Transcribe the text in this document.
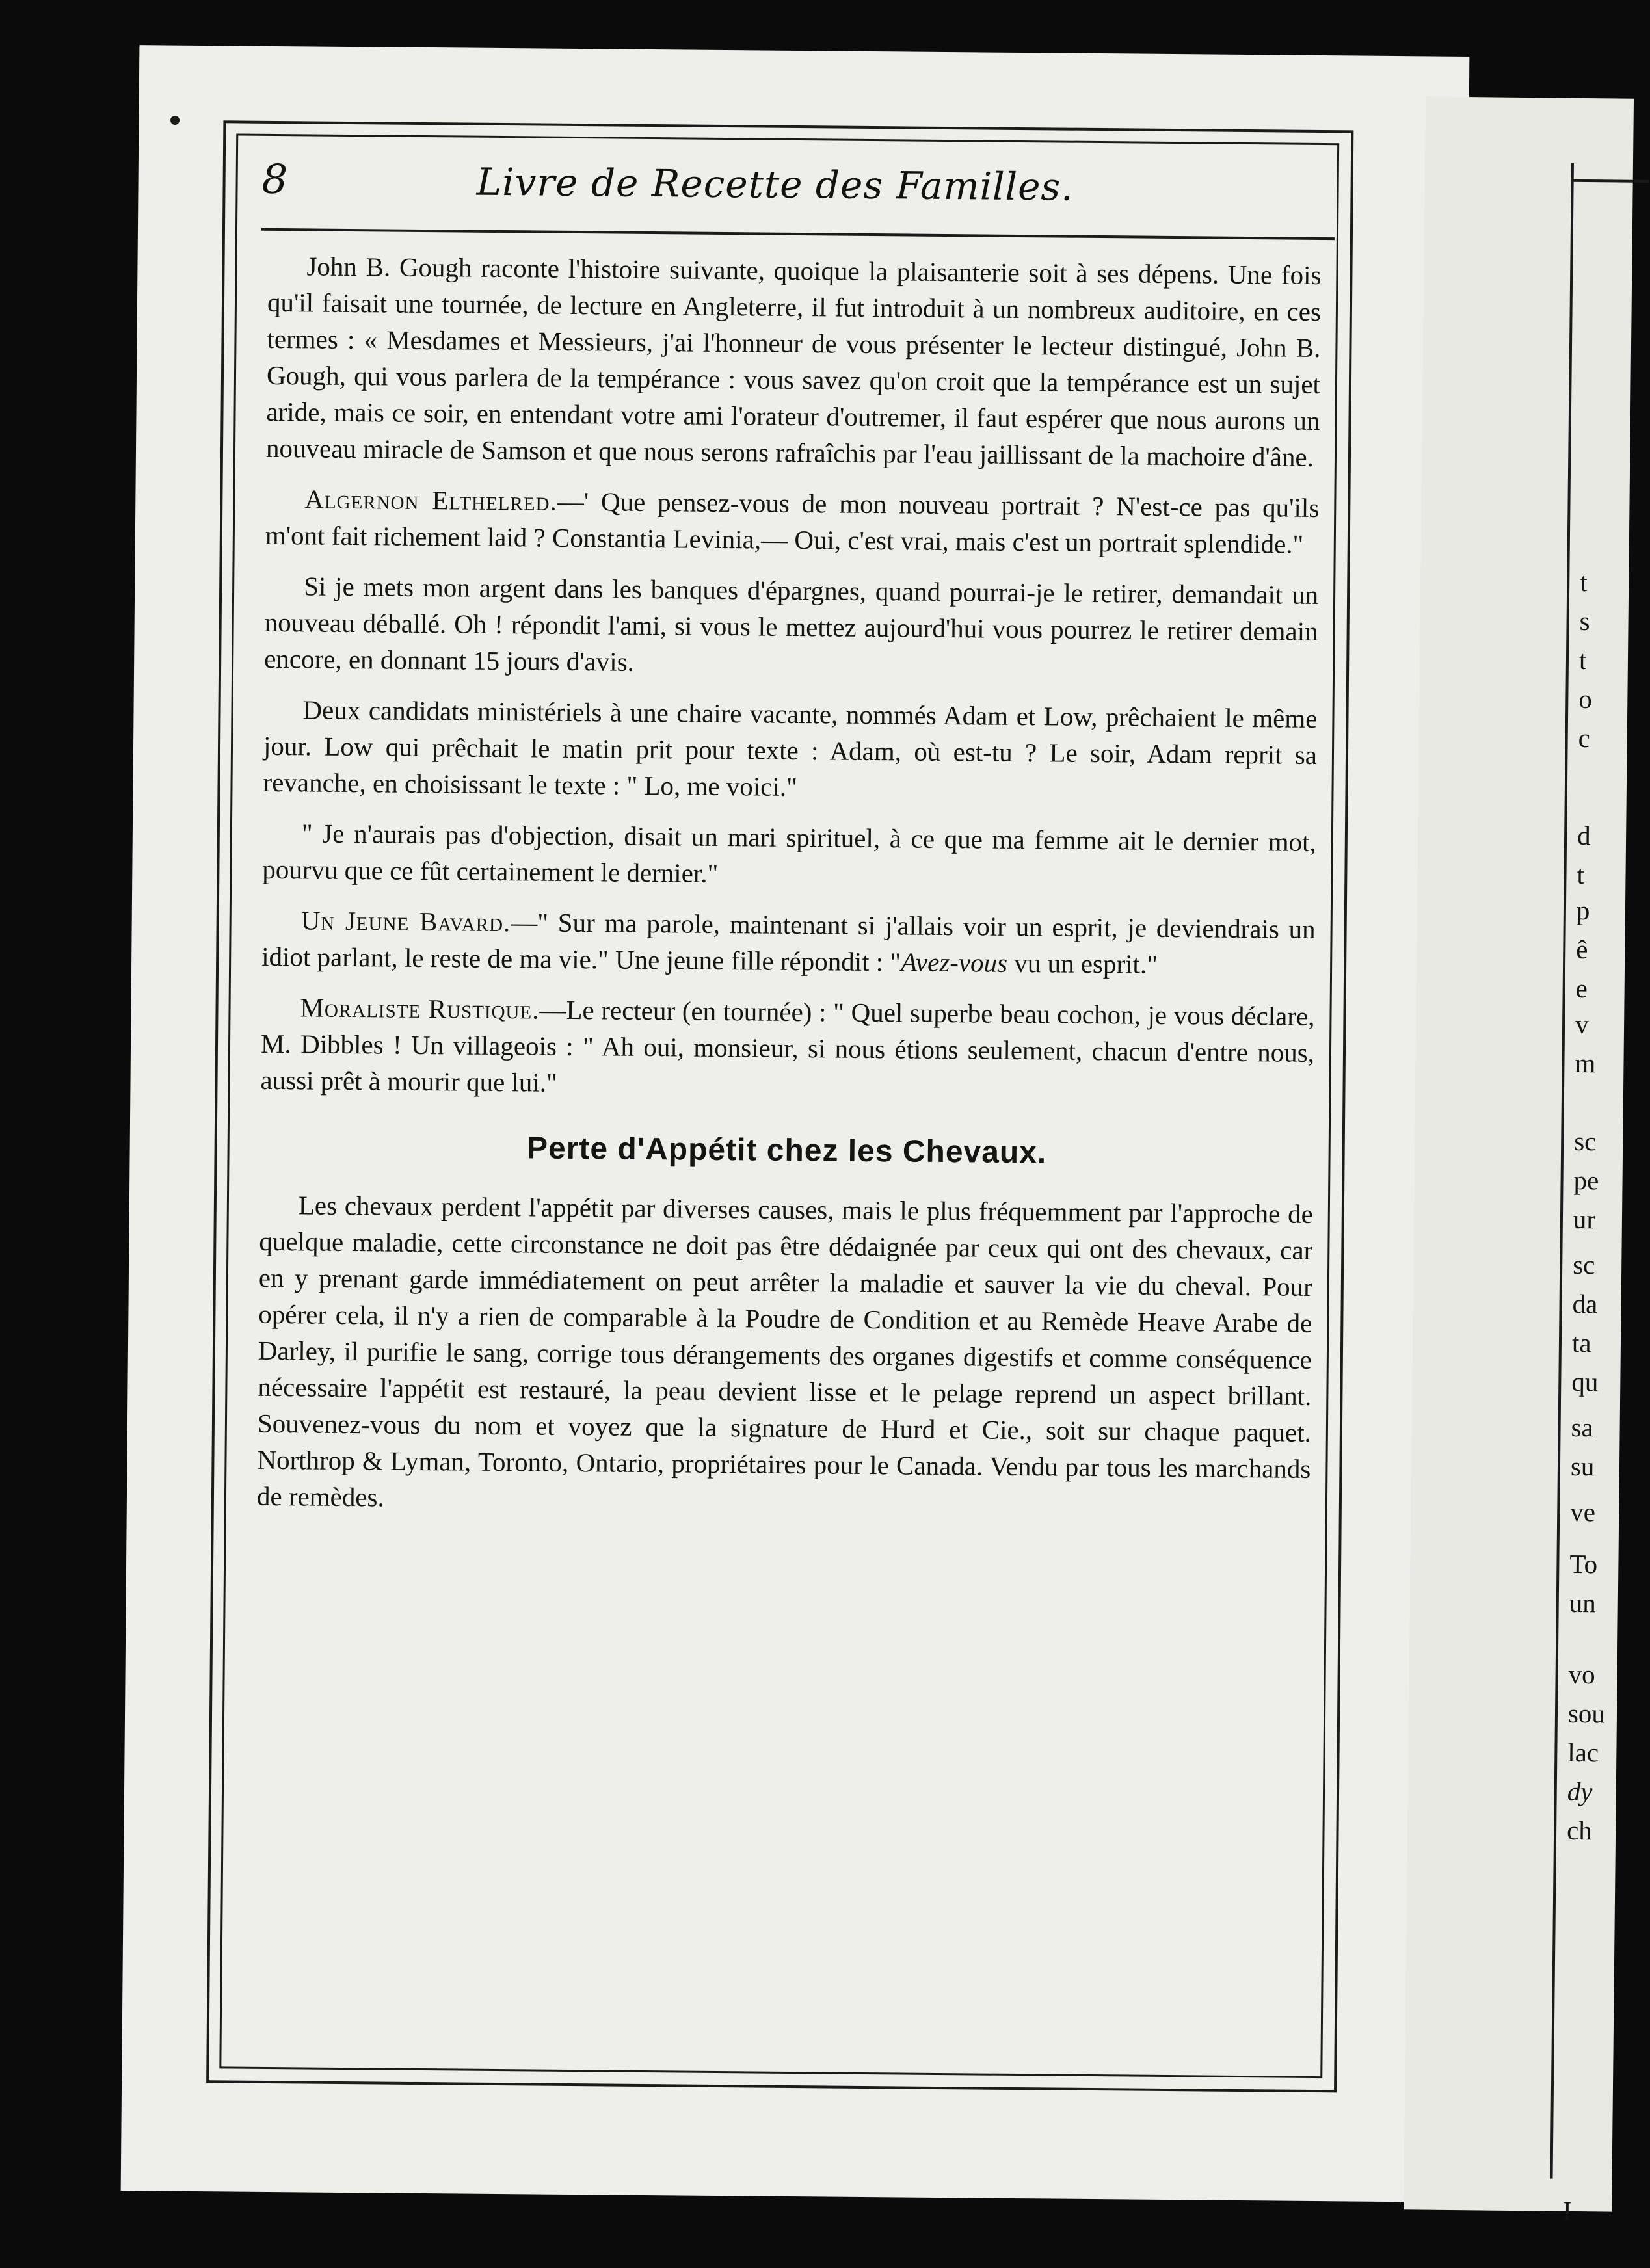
8	Livre de Recette des Familles.

John B. Gough raconte l'histoire suivante, quoique la plaisanterie soit à ses dépens. Une fois qu'il faisait une tournée, de lecture en Angleterre, il fut introduit à un nombreux auditoire, en ces termes : « Mesdames et Messieurs, j'ai l'honneur de vous présenter le lecteur distingué, John B. Gough, qui vous parlera de la tempérance : vous savez qu'on croit que la tempérance est un sujet aride, mais ce soir, en entendant votre ami l'orateur d'outremer, il faut espérer que nous aurons un nouveau miracle de Samson et que nous serons rafraîchis par l'eau jaillissant de la machoire d'âne.

Algernon Elthelred.—' Que pensez-vous de mon nouveau portrait ? N'est-ce pas qu'ils m'ont fait richement laid ? Constantia Levinia,— Oui, c'est vrai, mais c'est un portrait splendide."

Si je mets mon argent dans les banques d'épargnes, quand pourrai-je le retirer, demandait un nouveau déballé. Oh ! répondit l'ami, si vous le mettez aujourd'hui vous pourrez le retirer demain encore, en donnant 15 jours d'avis.

Deux candidats ministériels à une chaire vacante, nommés Adam et Low, prêchaient le même jour. Low qui prêchait le matin prit pour texte : Adam, où est-tu ? Le soir, Adam reprit sa revanche, en choisissant le texte : " Lo, me voici."

" Je n'aurais pas d'objection, disait un mari spirituel, à ce que ma femme ait le dernier mot, pourvu que ce fût certainement le dernier."

Un Jeune Bavard.—" Sur ma parole, maintenant si j'allais voir un esprit, je deviendrais un idiot parlant, le reste de ma vie." Une jeune fille répondit : "Avez-vous vu un esprit."

Moraliste Rustique.—Le recteur (en tournée) : " Quel superbe beau cochon, je vous déclare, M. Dibbles ! Un villageois : " Ah oui, monsieur, si nous étions seulement, chacun d'entre nous, aussi prêt à mourir que lui."

Perte d'Appétit chez les Chevaux.

Les chevaux perdent l'appétit par diverses causes, mais le plus fréquemment par l'approche de quelque maladie, cette circonstance ne doit pas être dédaignée par ceux qui ont des chevaux, car en y prenant garde immédiatement on peut arrêter la maladie et sauver la vie du cheval. Pour opérer cela, il n'y a rien de comparable à la Poudre de Condition et au Remède Heave Arabe de Darley, il purifie le sang, corrige tous dérangements des organes digestifs et comme conséquence nécessaire l'appétit est restauré, la peau devient lisse et le pelage reprend un aspect brillant. Souvenez-vous du nom et voyez que la signature de Hurd et Cie., soit sur chaque paquet. Northrop & Lyman, Toronto, Ontario, propriétaires pour le Canada. Vendu par tous les marchands de remèdes.

t
s
t
o
c
d
t
p
ê
e
v
m
sc
pe
ur
sc
da
ta
qu
sa
su
ve
To
un
vo
sou
lac
dy
ch
I
